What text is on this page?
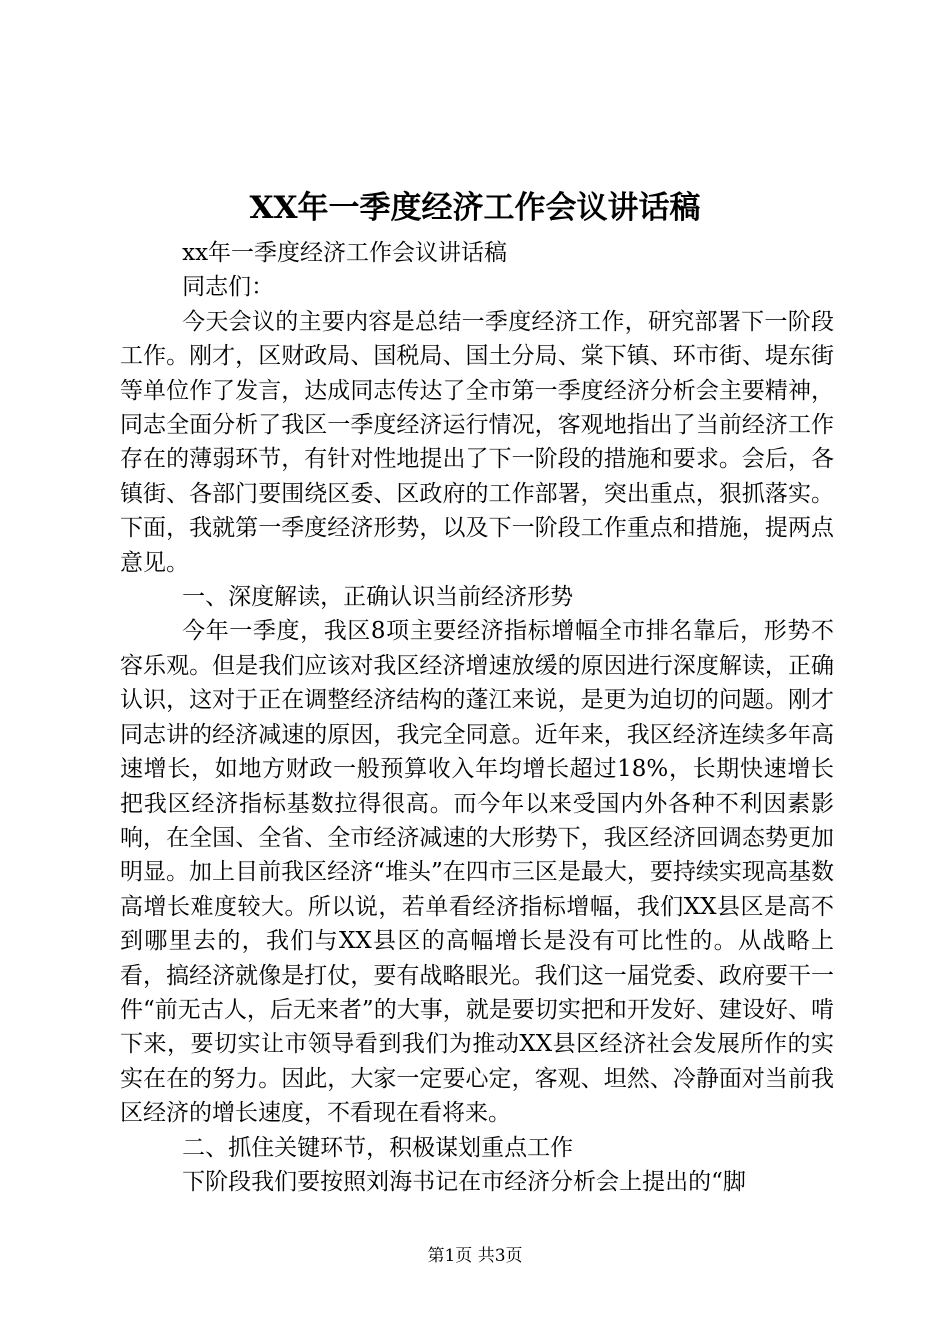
XX年一季度经济工作会议讲话稿

xx年一季度经济工作会议讲话稿

同志们：

今天会议的主要内容是总结一季度经济工作，研究部署下一阶段工作。刚才，区财政局、国税局、国土分局、棠下镇、环市街、堤东街等单位作了发言，达成同志传达了全市第一季度经济分析会主要精神，同志全面分析了我区一季度经济运行情况，客观地指出了当前经济工作存在的薄弱环节，有针对性地提出了下一阶段的措施和要求。会后，各镇街、各部门要围绕区委、区政府的工作部署，突出重点，狠抓落实。下面，我就第一季度经济形势，以及下一阶段工作重点和措施，提两点意见。

一、深度解读，正确认识当前经济形势

今年一季度，我区8项主要经济指标增幅全市排名靠后，形势不容乐观。但是我们应该对我区经济增速放缓的原因进行深度解读，正确认识，这对于正在调整经济结构的蓬江来说，是更为迫切的问题。刚才同志讲的经济减速的原因，我完全同意。近年来，我区经济连续多年高速增长，如地方财政一般预算收入年均增长超过18%，长期快速增长把我区经济指标基数拉得很高。而今年以来受国内外各种不利因素影响，在全国、全省、全市经济减速的大形势下，我区经济回调态势更加明显。加上目前我区经济“堆头”在四市三区是最大，要持续实现高基数高增长难度较大。所以说，若单看经济指标增幅，我们XX县区是高不到哪里去的，我们与XX县区的高幅增长是没有可比性的。从战略上看，搞经济就像是打仗，要有战略眼光。我们这一届党委、政府要干一件“前无古人，后无来者”的大事，就是要切实把和开发好、建设好、啃下来，要切实让市领导看到我们为推动XX县区经济社会发展所作的实实在在的努力。因此，大家一定要心定，客观、坦然、冷静面对当前我区经济的增长速度，不看现在看将来。

二、抓住关键环节，积极谋划重点工作

下阶段我们要按照刘海书记在市经济分析会上提出的“脚

第1页 共3页
